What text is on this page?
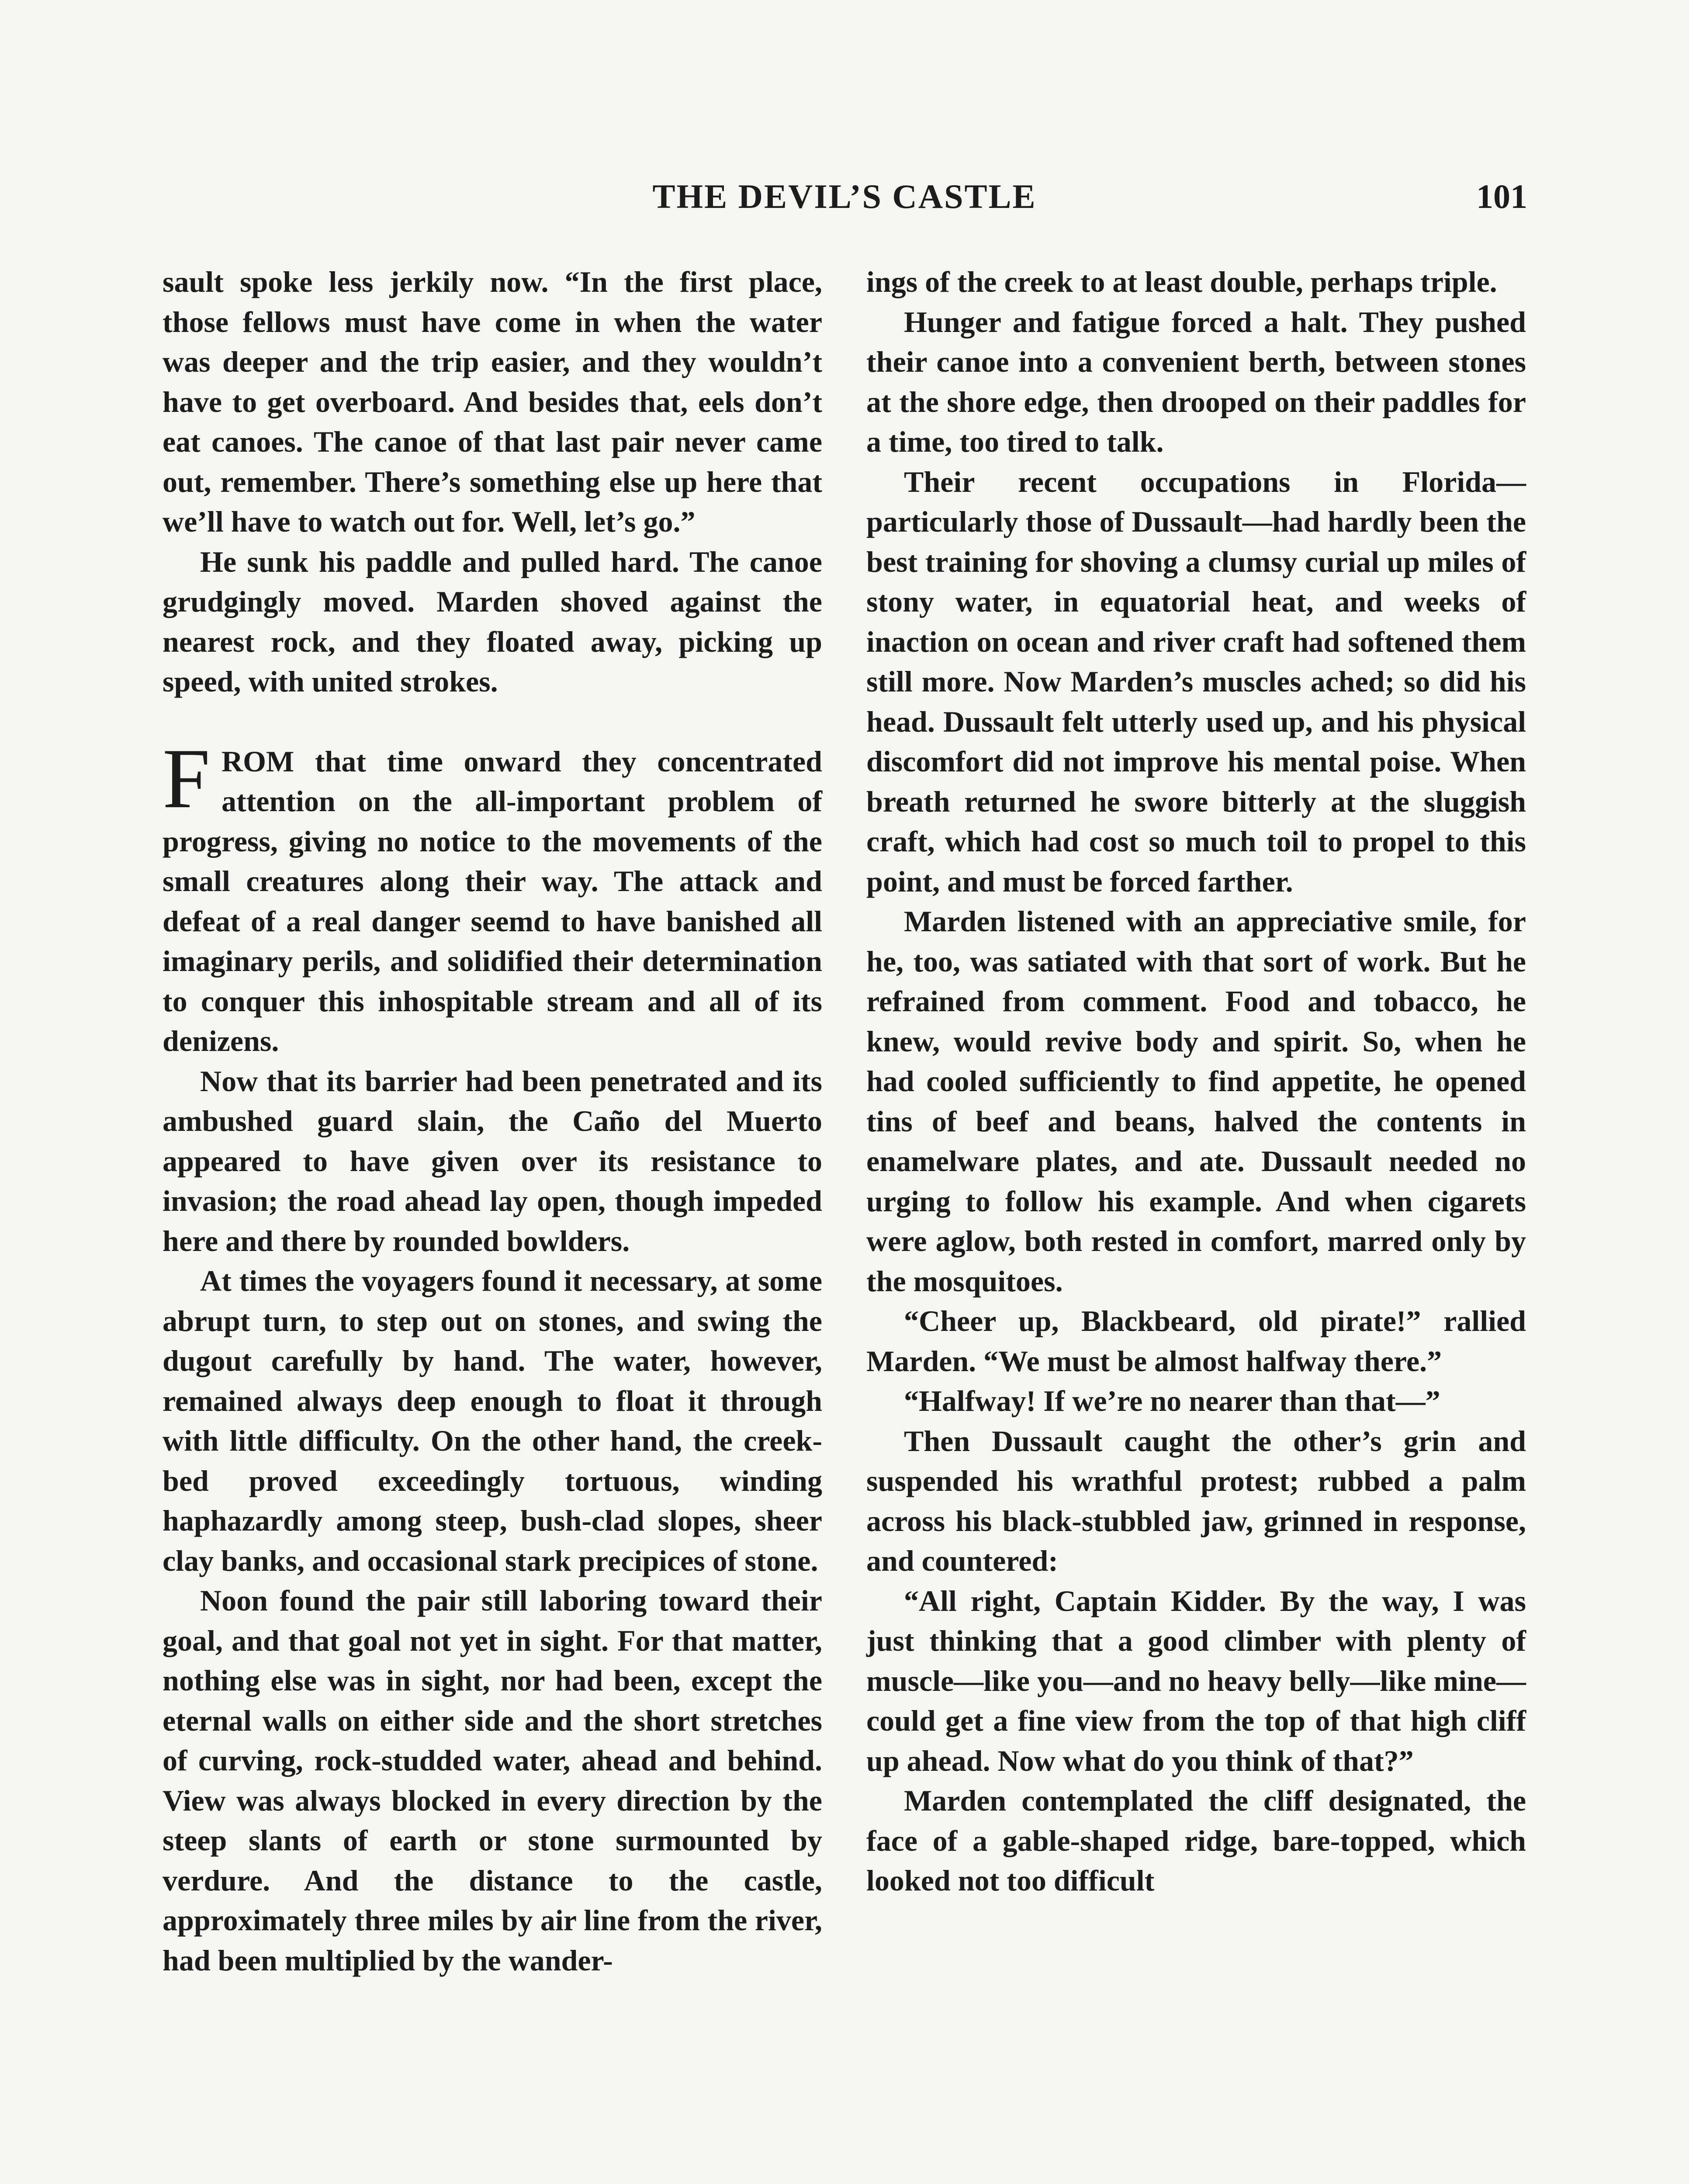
THE DEVIL’S CASTLE	101

sault spoke less jerkily now. “In the first place, those fellows must have come in when the water was deeper and the trip easier, and they wouldn’t have to get overboard. And besides that, eels don’t eat canoes. The canoe of that last pair never came out, remember. There’s something else up here that we’ll have to watch out for. Well, let’s go.”

He sunk his paddle and pulled hard. The canoe grudgingly moved. Marden shoved against the nearest rock, and they floated away, picking up speed, with united strokes.

FROM that time onward they concentrated attention on the all-important problem of progress, giving no notice to the movements of the small creatures along their way. The attack and defeat of a real danger seemd to have banished all imaginary perils, and solidified their determination to conquer this inhospitable stream and all of its denizens.

Now that its barrier had been penetrated and its ambushed guard slain, the Caño del Muerto appeared to have given over its resistance to invasion; the road ahead lay open, though impeded here and there by rounded bowlders.

At times the voyagers found it necessary, at some abrupt turn, to step out on stones, and swing the dugout carefully by hand. The water, however, remained always deep enough to float it through with little difficulty. On the other hand, the creek-bed proved exceedingly tortuous, winding haphazardly among steep, bush-clad slopes, sheer clay banks, and occasional stark precipices of stone.

Noon found the pair still laboring toward their goal, and that goal not yet in sight. For that matter, nothing else was in sight, nor had been, except the eternal walls on either side and the short stretches of curving, rock-studded water, ahead and behind. View was always blocked in every direction by the steep slants of earth or stone surmounted by verdure. And the distance to the castle, approximately three miles by air line from the river, had been multiplied by the wander-

ings of the creek to at least double, perhaps triple.

Hunger and fatigue forced a halt. They pushed their canoe into a convenient berth, between stones at the shore edge, then drooped on their paddles for a time, too tired to talk.

Their recent occupations in Florida—particularly those of Dussault—had hardly been the best training for shoving a clumsy curial up miles of stony water, in equatorial heat, and weeks of inaction on ocean and river craft had softened them still more. Now Marden’s muscles ached; so did his head. Dussault felt utterly used up, and his physical discomfort did not improve his mental poise. When breath returned he swore bitterly at the sluggish craft, which had cost so much toil to propel to this point, and must be forced farther.

Marden listened with an appreciative smile, for he, too, was satiated with that sort of work. But he refrained from comment. Food and tobacco, he knew, would revive body and spirit. So, when he had cooled sufficiently to find appetite, he opened tins of beef and beans, halved the contents in enamelware plates, and ate. Dussault needed no urging to follow his example. And when cigarets were aglow, both rested in comfort, marred only by the mosquitoes.

“Cheer up, Blackbeard, old pirate!” rallied Marden. “We must be almost halfway there.”

“Halfway! If we’re no nearer than that—”

Then Dussault caught the other’s grin and suspended his wrathful protest; rubbed a palm across his black-stubbled jaw, grinned in response, and countered:

“All right, Captain Kidder. By the way, I was just thinking that a good climber with plenty of muscle—like you—and no heavy belly—like mine—could get a fine view from the top of that high cliff up ahead. Now what do you think of that?”

Marden contemplated the cliff designated, the face of a gable-shaped ridge, bare-topped, which looked not too difficult
